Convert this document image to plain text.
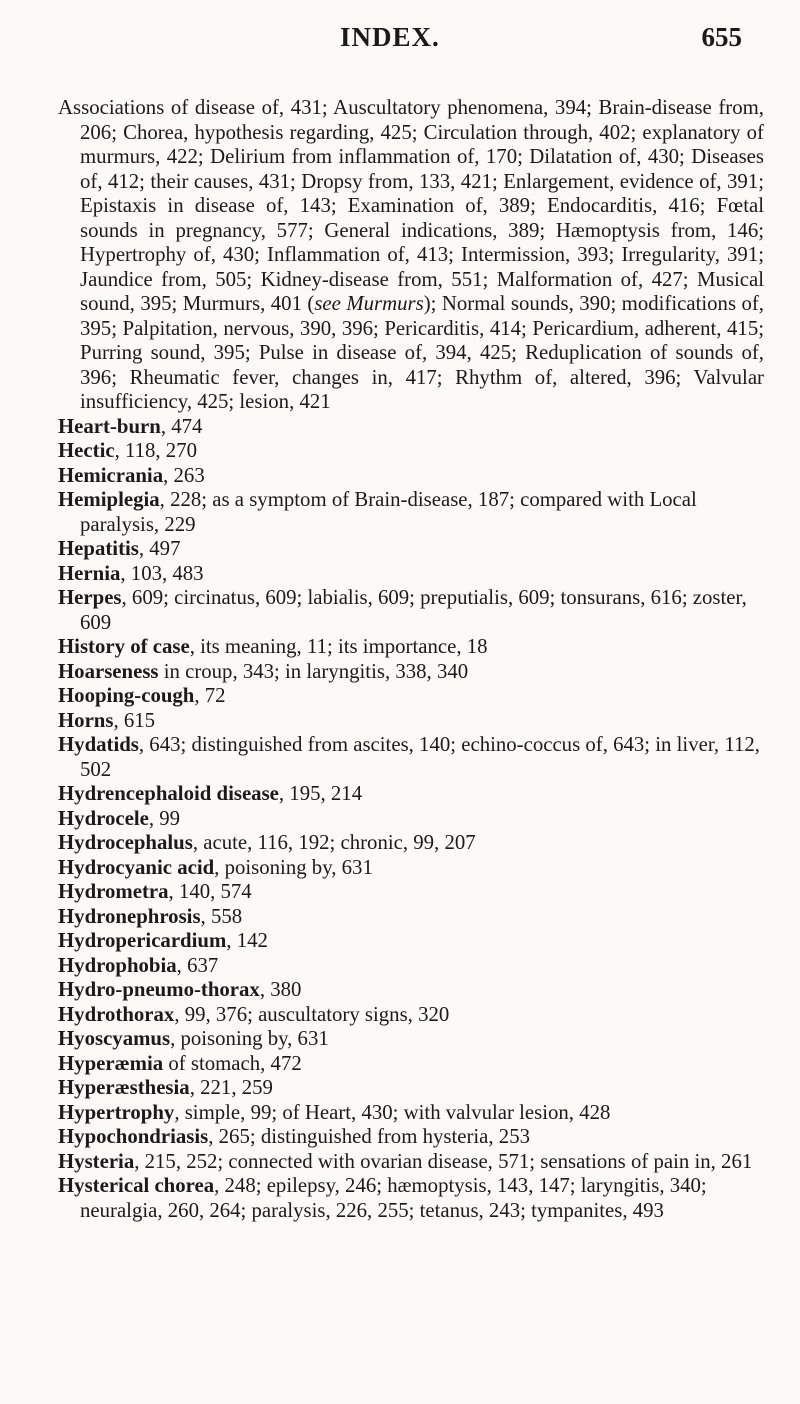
INDEX.	655

Associations of disease of, 431; Auscultatory phenomena, 394; Brain-disease from, 206; Chorea, hypothesis regarding, 425; Circulation through, 402; explanatory of murmurs, 422; Delirium from inflammation of, 170; Dilatation of, 430; Diseases of, 412; their causes, 431; Dropsy from, 133, 421; Enlargement, evidence of, 391; Epistaxis in disease of, 143; Examination of, 389; Endocarditis, 416; Fœtal sounds in pregnancy, 577; General indications, 389; Hæmoptysis from, 146; Hypertrophy of, 430; Inflammation of, 413; Intermission, 393; Irregularity, 391; Jaundice from, 505; Kidney-disease from, 551; Malformation of, 427; Musical sound, 395; Murmurs, 401 (see Murmurs); Normal sounds, 390; modifications of, 395; Palpitation, nervous, 390, 396; Pericarditis, 414; Pericardium, adherent, 415; Purring sound, 395; Pulse in disease of, 394, 425; Reduplication of sounds of, 396; Rheumatic fever, changes in, 417; Rhythm of, altered, 396; Valvular insufficiency, 425; lesion, 421

Heart-burn, 474

Hectic, 118, 270

Hemicrania, 263

Hemiplegia, 228; as a symptom of Brain-disease, 187; compared with Local paralysis, 229

Hepatitis, 497

Hernia, 103, 483

Herpes, 609; circinatus, 609; labialis, 609; preputialis, 609; tonsurans, 616; zoster, 609

History of case, its meaning, 11; its importance, 18

Hoarseness in croup, 343; in laryngitis, 338, 340

Hooping-cough, 72

Horns, 615

Hydatids, 643; distinguished from ascites, 140; echino-coccus of, 643; in liver, 112, 502

Hydrencephaloid disease, 195, 214

Hydrocele, 99

Hydrocephalus, acute, 116, 192; chronic, 99, 207

Hydrocyanic acid, poisoning by, 631

Hydrometra, 140, 574

Hydronephrosis, 558

Hydropericardium, 142

Hydrophobia, 637

Hydro-pneumo-thorax, 380

Hydrothorax, 99, 376; auscultatory signs, 320

Hyoscyamus, poisoning by, 631

Hyperæmia of stomach, 472

Hyperæsthesia, 221, 259

Hypertrophy, simple, 99; of Heart, 430; with valvular lesion, 428

Hypochondriasis, 265; distinguished from hysteria, 253

Hysteria, 215, 252; connected with ovarian disease, 571; sensations of pain in, 261

Hysterical chorea, 248; epilepsy, 246; hæmoptysis, 143, 147; laryngitis, 340; neuralgia, 260, 264; paralysis, 226, 255; tetanus, 243; tympanites, 493
